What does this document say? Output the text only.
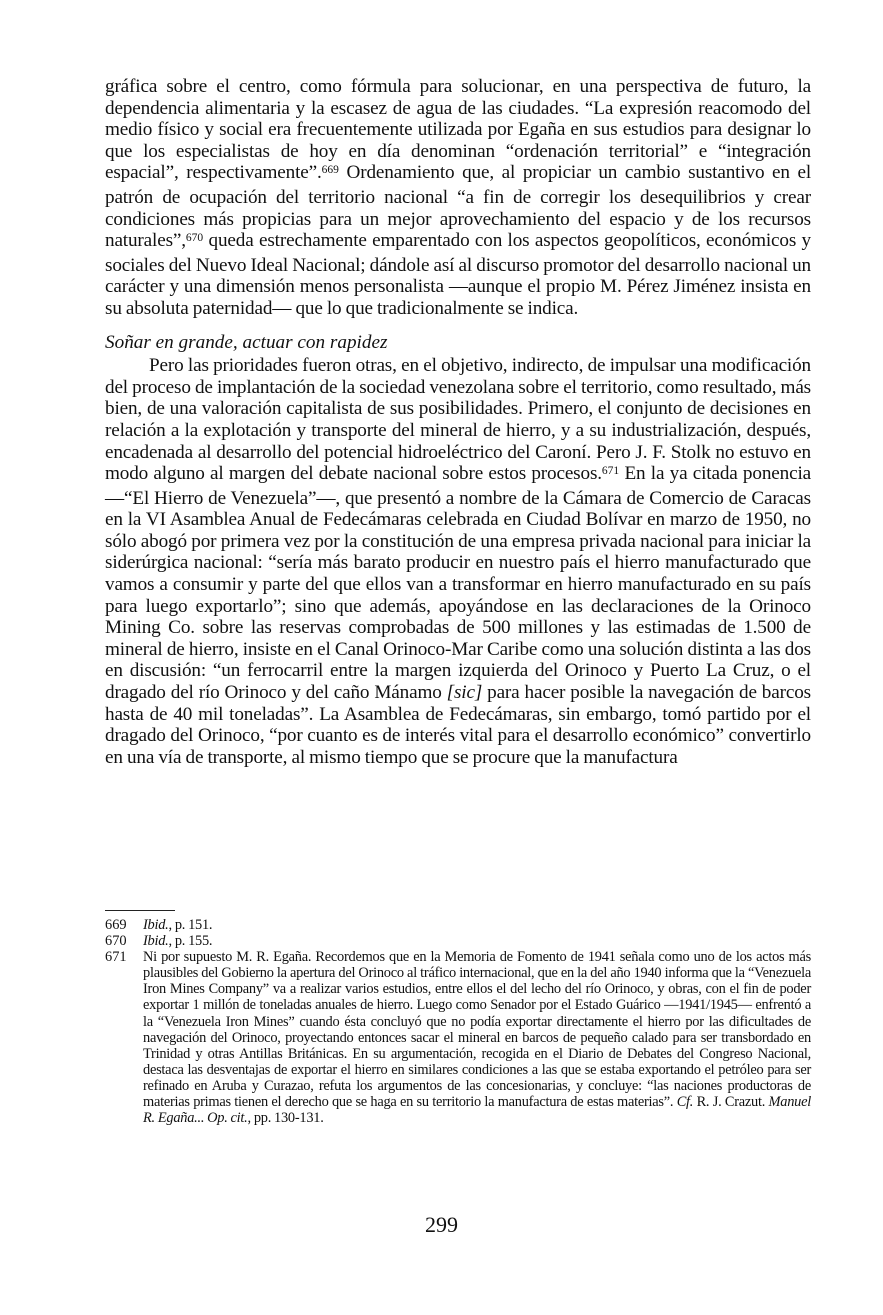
gráfica sobre el centro, como fórmula para solucionar, en una perspectiva de futuro, la dependencia alimentaria y la escasez de agua de las ciudades. “La expresión reacomodo del medio físico y social era frecuentemente utilizada por Egaña en sus estudios para designar lo que los especialistas de hoy en día denominan “ordenación territorial” e “integración espacial”, respectivamente”.$^{669}$ Ordenamiento que, al propiciar un cambio sustantivo en el patrón de ocupación del territorio nacional “a fin de corregir los desequilibrios y crear condiciones más propicias para un mejor aprovechamiento del espacio y de los recursos naturales”,$^{670}$ queda estrechamente emparentado con los aspectos geopolíticos, económicos y sociales del Nuevo Ideal Nacional; dándole así al discurso promotor del desarrollo nacional un carácter y una dimensión menos personalista —aunque el propio M. Pérez Jiménez insista en su absoluta paternidad— que lo que tradicionalmente se indica.

Soñar en grande, actuar con rapidez

Pero las prioridades fueron otras, en el objetivo, indirecto, de impulsar una modificación del proceso de implantación de la sociedad venezolana sobre el territorio, como resultado, más bien, de una valoración capitalista de sus posibilidades. Primero, el conjunto de decisiones en relación a la explotación y transporte del mineral de hierro, y a su industrialización, después, encadenada al desarrollo del potencial hidroeléctrico del Caroní. Pero J. F. Stolk no estuvo en modo alguno al margen del debate nacional sobre estos procesos.$^{671}$ En la ya citada ponencia —“El Hierro de Venezuela”—, que presentó a nombre de la Cámara de Comercio de Caracas en la VI Asamblea Anual de Fedecámaras celebrada en Ciudad Bolívar en marzo de 1950, no sólo abogó por primera vez por la constitución de una empresa privada nacional para iniciar la siderúrgica nacional: “sería más barato producir en nuestro país el hierro manufacturado que vamos a consumir y parte del que ellos van a transformar en hierro manufacturado en su país para luego exportarlo”; sino que además, apoyándose en las declaraciones de la Orinoco Mining Co. sobre las reservas comprobadas de 500 millones y las estimadas de 1.500 de mineral de hierro, insiste en el Canal Orinoco-Mar Caribe como una solución distinta a las dos en discusión: “un ferrocarril entre la margen izquierda del Orinoco y Puerto La Cruz, o el dragado del río Orinoco y del caño Mánamo [sic] para hacer posible la navegación de barcos hasta de 40 mil toneladas”. La Asamblea de Fedecámaras, sin embargo, tomó partido por el dragado del Orinoco, “por cuanto es de interés vital para el desarrollo económico” convertirlo en una vía de transporte, al mismo tiempo que se procure que la manufactura

669	Ibid., p. 151.
670	Ibid., p. 155.
671	Ni por supuesto M. R. Egaña. Recordemos que en la Memoria de Fomento de 1941 señala como uno de los actos más plausibles del Gobierno la apertura del Orinoco al tráfico internacional, que en la del año 1940 informa que la “Venezuela Iron Mines Company” va a realizar varios estudios, entre ellos el del lecho del río Orinoco, y obras, con el fin de poder exportar 1 millón de toneladas anuales de hierro. Luego como Senador por el Estado Guárico —1941/1945— enfrentó a la “Venezuela Iron Mines” cuando ésta concluyó que no podía exportar directamente el hierro por las dificultades de navegación del Orinoco, proyectando entonces sacar el mineral en barcos de pequeño calado para ser transbordado en Trinidad y otras Antillas Británicas. En su argumentación, recogida en el Diario de Debates del Congreso Nacional, destaca las desventajas de exportar el hierro en similares condiciones a las que se estaba exportando el petróleo para ser refinado en Aruba y Curazao, refuta los argumentos de las concesionarias, y concluye: “las naciones productoras de materias primas tienen el derecho que se haga en su territorio la manufactura de estas materias”. Cf. R. J. Crazut. Manuel R. Egaña... Op. cit., pp. 130-131.
299
